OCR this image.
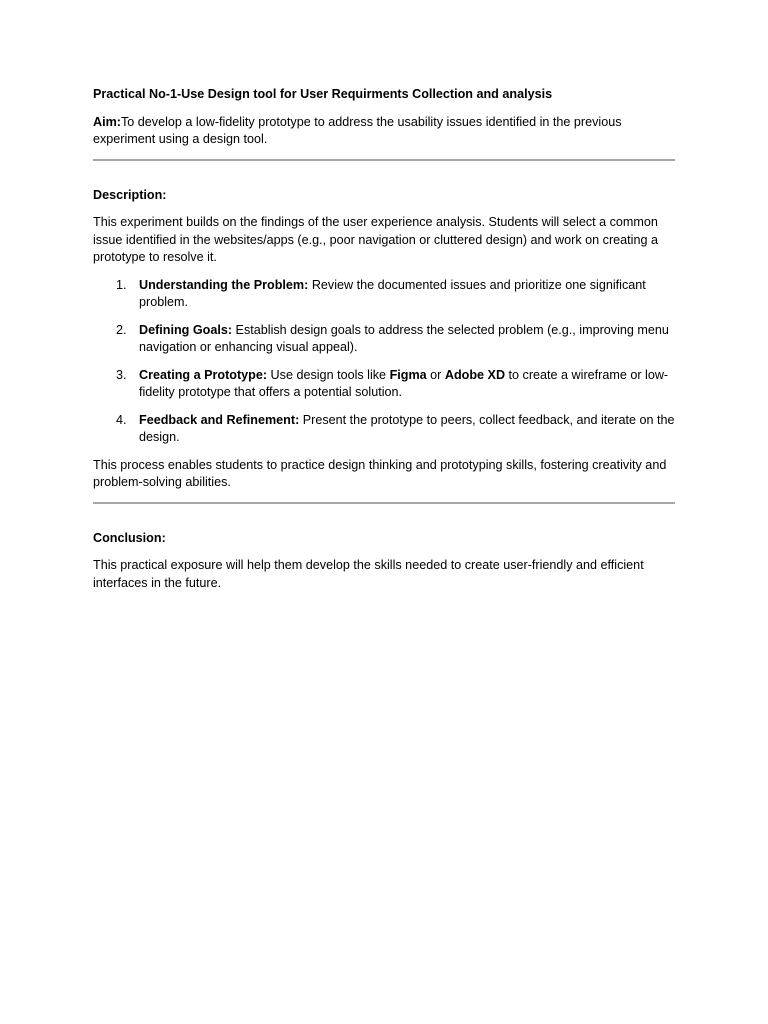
Practical No-1-Use Design tool for User Requirments Collection and analysis

Aim:To develop a low-fidelity prototype to address the usability issues identified in the previous experiment using a design tool.

Description:

This experiment builds on the findings of the user experience analysis. Students will select a common issue identified in the websites/apps (e.g., poor navigation or cluttered design) and work on creating a prototype to resolve it.

1. Understanding the Problem: Review the documented issues and prioritize one significant problem.
2. Defining Goals: Establish design goals to address the selected problem (e.g., improving menu navigation or enhancing visual appeal).
3. Creating a Prototype: Use design tools like Figma or Adobe XD to create a wireframe or low-fidelity prototype that offers a potential solution.
4. Feedback and Refinement: Present the prototype to peers, collect feedback, and iterate on the design.

This process enables students to practice design thinking and prototyping skills, fostering creativity and problem-solving abilities.

Conclusion:

This practical exposure will help them develop the skills needed to create user-friendly and efficient interfaces in the future.
